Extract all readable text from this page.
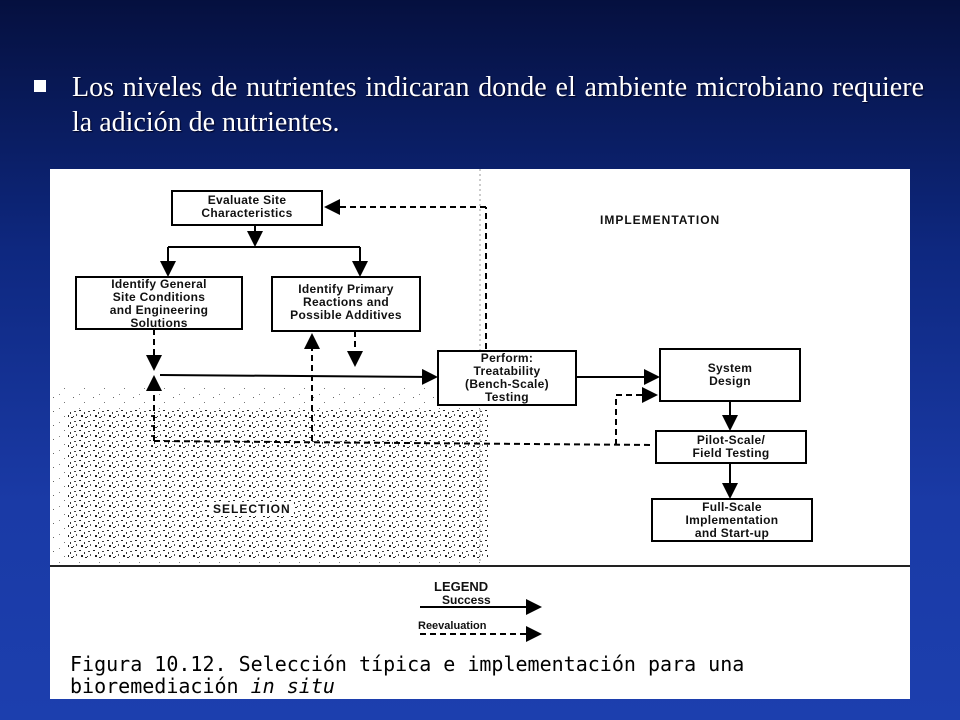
Los niveles de nutrientes indicaran donde el ambiente microbiano requiere la adición de nutrientes.
IMPLEMENTATION
SELECTION
Evaluate Site
Characteristics
Identify General
Site Conditions
and Engineering
Solutions
Identify Primary
Reactions and
Possible Additives
Perform:
Treatability
(Bench-Scale)
Testing
System
Design
Pilot-Scale/
Field Testing
Full-Scale
Implementation
and Start-up
LEGEND
Success
Reevaluation
Figura 10.12. Selección típica e implementación para una bioremediación in situ
